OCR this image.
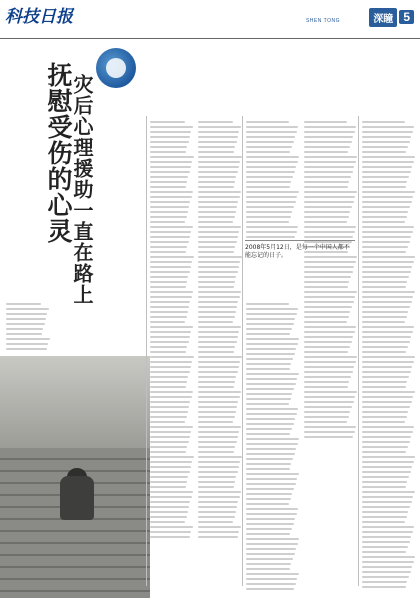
科技日报	SHEN TONG	深瞳 5
抚慰受伤的心灵
灾后心理援助一直在路上	2008年5月12日，是每一个中国人都不能忘记的日子。
